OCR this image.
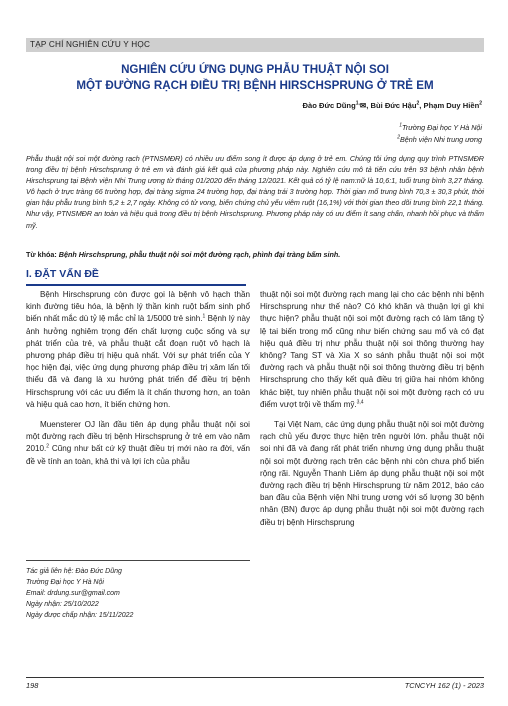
TẠP CHÍ NGHIÊN CỨU Y HỌC
NGHIÊN CỨU ỨNG DỤNG PHẪU THUẬT NỘI SOI
MỘT ĐƯỜNG RẠCH ĐIỀU TRỊ BỆNH HIRSCHSPRUNG Ở TRẺ EM
Đào Đức Dũng$^{1,}$✉, Bùi Đức Hậu$^2$, Phạm Duy Hiền$^2$
$^1$Trường Đại học Y Hà Nội
$^2$Bệnh viện Nhi trung ương
Phẫu thuật nội soi một đường rạch (PTNSMĐR) có nhiều ưu điểm song ít được áp dụng ở trẻ em. Chúng tôi ứng dụng quy trình PTNSMĐR trong điều trị bệnh Hirschsprung ở trẻ em và đánh giá kết quả của phương pháp này. Nghiên cứu mô tả tiến cứu trên 93 bệnh nhân bệnh Hirschsprung tại Bệnh viện Nhi Trung ương từ tháng 01/2020 đến tháng 12/2021. Kết quả có tỷ lệ nam:nữ là 10,6:1, tuổi trung bình 3,27 tháng. Vô hạch ở trực tràng 66 trường hợp, đại tràng sigma 24 trường hợp, đại tràng trái 3 trường hợp. Thời gian mổ trung bình 70,3 ± 30,3 phút, thời gian hậu phẫu trung bình 5,2 ± 2,7 ngày. Không có tử vong, biến chứng chủ yếu viêm ruột (16,1%) với thời gian theo dõi trung bình 22,1 tháng. Như vậy, PTNSMĐR an toàn và hiệu quả trong điều trị bệnh Hirschsprung. Phương pháp này có ưu điểm ít sang chấn, nhanh hồi phục và thẩm mỹ.
Từ khóa: Bệnh Hirschsprung, phẫu thuật nội soi một đường rạch, phình đại tràng bẩm sinh.
I. ĐẶT VẤN ĐỀ

Bệnh Hirschsprung còn được gọi là bệnh vô hạch thần kinh đường tiêu hóa, là bệnh lý thần kinh ruột bẩm sinh phổ biến nhất mắc dù tỷ lệ mắc chỉ là 1/5000 trẻ sinh.$^1$ Bệnh lý này ảnh hưởng nghiêm trọng đến chất lượng cuộc sống và sự phát triển của trẻ, và phẫu thuật cắt đoạn ruột vô hạch là phương pháp điều trị hiệu quả nhất. Với sự phát triển của Y học hiện đại, việc ứng dụng phương pháp điều trị xâm lấn tối thiểu đã và đang là xu hướng phát triển để điều trị bệnh Hirschsprung với các ưu điểm là ít chấn thương hơn, an toàn và hiệu quả cao hơn, ít biến chứng hơn.

Muensterer OJ lần đầu tiên áp dụng phẫu thuật nội soi một đường rạch điều trị bệnh Hirschsprung ở trẻ em vào năm 2010.$^2$ Cũng như bất cứ kỹ thuật điều trị mới nào ra đời, vấn đề về tính an toàn, khả thi và lợi ích của phẫu

Tác giả liên hệ: Đào Đức Dũng
Trường Đại học Y Hà Nội
Email: drdung.sur@gmail.com
Ngày nhận: 25/10/2022
Ngày được chấp nhận: 15/11/2022

thuật nội soi một đường rạch mang lại cho các bệnh nhi bệnh Hirschsprung như thế nào? Có khó khăn và thuận lợi gì khi thực hiện? phẫu thuật nội soi một đường rạch có làm tăng tỷ lệ tai biến trong mổ cũng như biến chứng sau mổ và có đạt hiệu quả điều trị như phẫu thuật nội soi thông thường hay không? Tang ST và Xia X so sánh phẫu thuật nội soi một đường rạch và phẫu thuật nội soi thông thường điều trị bệnh Hirschsprung cho thấy kết quả điều trị giữa hai nhóm không khác biệt, tuy nhiên phẫu thuật nội soi một đường rạch có ưu điểm vượt trội về thẩm mỹ.$^{3,4}$

Tại Việt Nam, các ứng dụng phẫu thuật nội soi một đường rạch chủ yếu được thực hiện trên người lớn. phẫu thuật nội soi nhi đã và đang rất phát triển nhưng ứng dụng phẫu thuật nội soi một đường rạch trên các bệnh nhi còn chưa phổ biến rộng rãi. Nguyễn Thanh Liêm áp dụng phẫu thuật nội soi một đường rạch điều trị bệnh Hirschsprung từ năm 2012, báo cáo ban đầu của Bệnh viện Nhi trung ương với số lượng 30 bệnh nhân (BN) được áp dụng phẫu thuật nội soi một đường rạch điều trị bệnh Hirschsprung

198	TCNCYH 162 (1) - 2023
